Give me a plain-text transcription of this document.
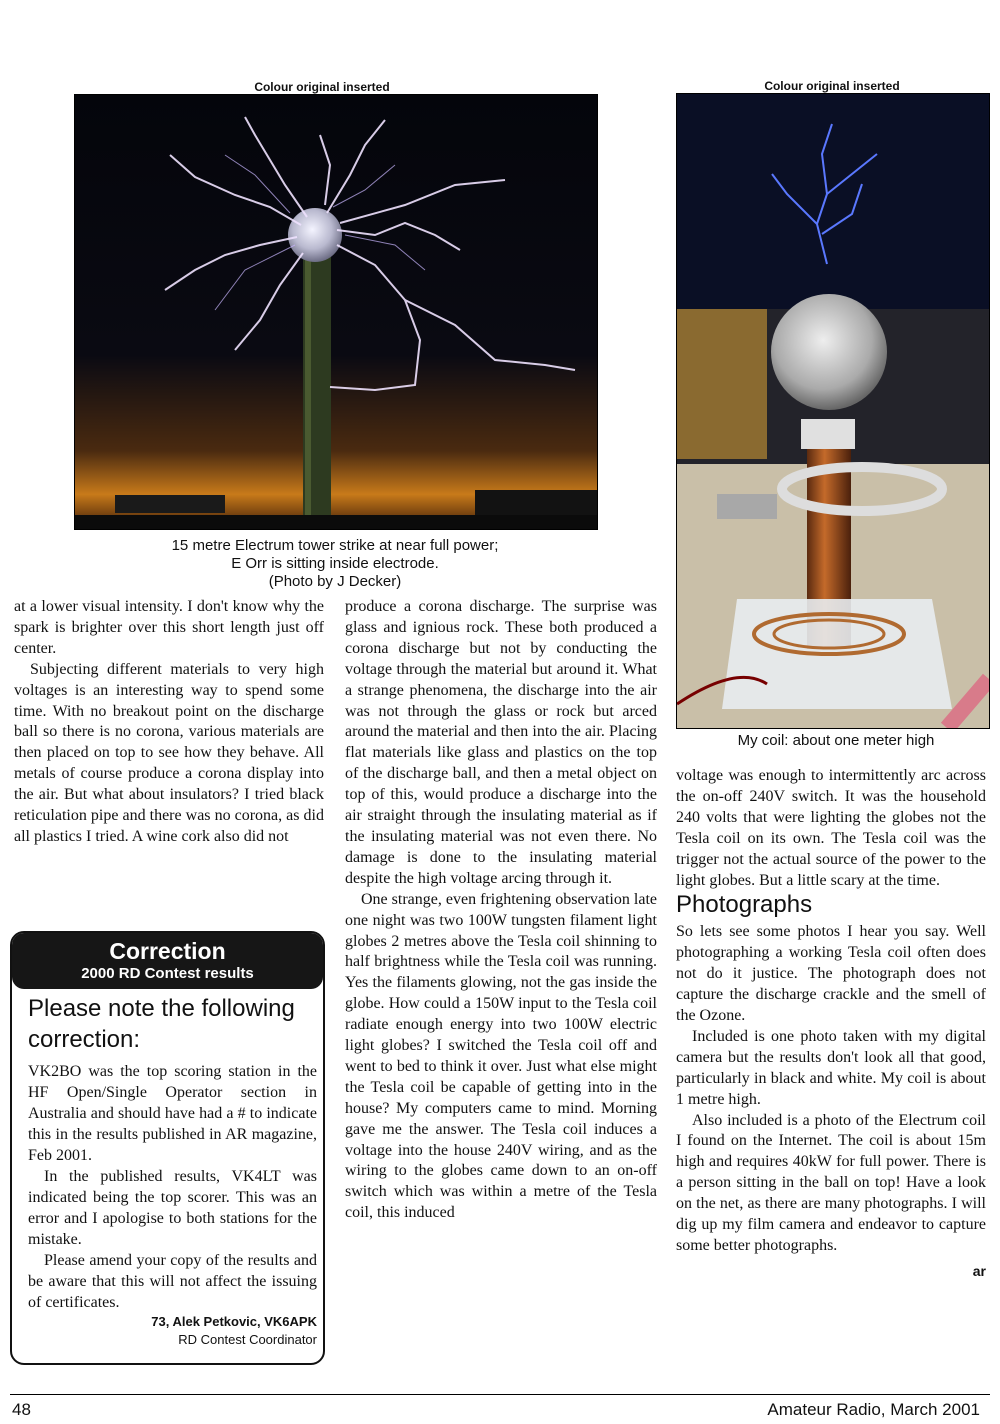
Colour original inserted	Colour original inserted
15 metre Electrum tower strike at near full power;
E Orr is sitting inside electrode.
(Photo by J Decker)
My coil: about one meter high

at a lower visual intensity. I don't know why the spark is brighter over this short length just off center.

Subjecting different materials to very high voltages is an interesting way to spend some time. With no breakout point on the discharge ball so there is no corona, various materials are then placed on top to see how they behave. All metals of course produce a corona display into the air. But what about insulators? I tried black reticulation pipe and there was no corona, as did all plastics I tried. A wine cork also did not

produce a corona discharge. The surprise was glass and ignious rock. These both produced a corona discharge but not by conducting the voltage through the material but around it. What a strange phenomena, the discharge into the air was not through the glass or rock but arced around the material and then into the air. Placing flat materials like glass and plastics on the top of the discharge ball, and then a metal object on top of this, would produce a discharge into the air straight through the insulating material as if the insulating material was not even there. No damage is done to the insulating material despite the high voltage arcing through it.

One strange, even frightening observation late one night was two 100W tungsten filament light globes 2 metres above the Tesla coil shinning to half brightness while the Tesla coil was running. Yes the filaments glowing, not the gas inside the globe. How could a 150W input to the Tesla coil radiate enough energy into two 100W electric light globes? I switched the Tesla coil off and went to bed to think it over. Just what else might the Tesla coil be capable of getting into in the house? My computers came to mind. Morning gave me the answer. The Tesla coil induces a voltage into the house 240V wiring, and as the wiring to the globes came down to an on-off switch which was within a metre of the Tesla coil, this induced

voltage was enough to intermittently arc across the on-off 240V switch. It was the household 240 volts that were lighting the globes not the Tesla coil on its own. The Tesla coil was the trigger not the actual source of the power to the light globes. But a little scary at the time.

Photographs

So lets see some photos I hear you say. Well photographing a working Tesla coil often does not do it justice. The photograph does not capture the discharge crackle and the smell of the Ozone.

Included is one photo taken with my digital camera but the results don't look all that good, particularly in black and white. My coil is about 1 metre high.

Also included is a photo of the Electrum coil I found on the Internet. The coil is about 15m high and requires 40kW for full power. There is a person sitting in the ball on top! Have a look on the net, as there are many photographs. I will dig up my film camera and endeavor to capture some better photographs.

ar
Correction
2000 RD Contest results
Please note the following correction:

VK2BO was the top scoring station in the HF Open/Single Operator section in Australia and should have had a # to indicate this in the results published in AR magazine, Feb 2001.

In the published results, VK4LT was indicated being the top scorer. This was an error and I apologise to both stations for the mistake.

Please amend your copy of the results and be aware that this will not affect the issuing of certificates.

73, Alek Petkovic, VK6APK
RD Contest Coordinator
48	Amateur Radio, March 2001
